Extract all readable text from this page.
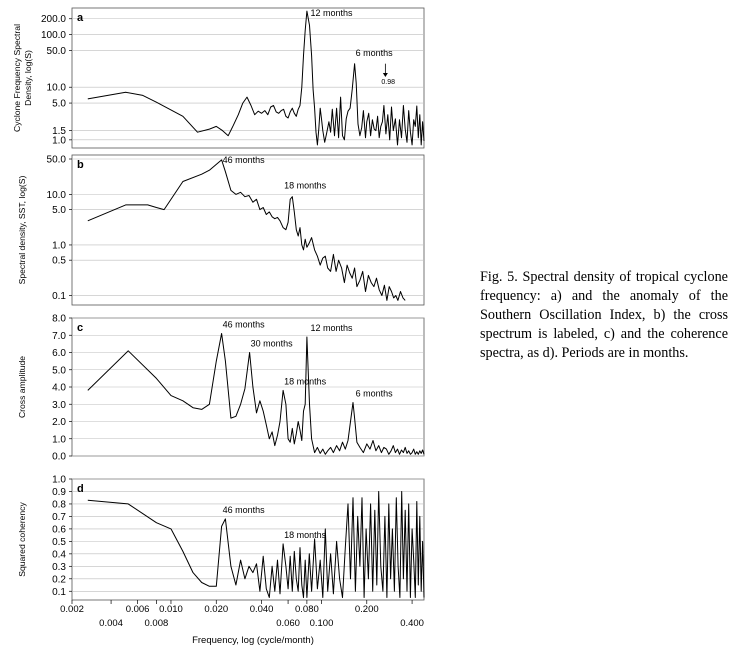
1.0
1.5
5.0
10.0
50.0
100.0
200.0
Cyclone Frequency SpectralDensity, log(S)
a	12 months
6 months
0.98
0.1
0.5
1.0
5.0
10.0
50.0
Spectral density, SST, log(S)
b	46 months
18 months
0.0
1.0
2.0
3.0
4.0
5.0
6.0
7.0
8.0
Cross amplitude
c	46 months
30 months
12 months
18 months
6 months
0.1
0.2
0.3
0.4
0.5
0.6
0.7
0.8
0.9
1.0
Squared coherency
d
46 months
18 months
0.002	0.006 0.010 0.020 0.040 0.080	0.200
0.004 0.008	0.060 0.100	0.400
Frequency, log (cycle/month)
Fig. 5. Spectral density of tropical cyclone frequency: a) and the anomaly of the Southern Oscillation Index, b) the cross spectrum is labeled, c) and the coherence spectra, as d). Periods are in months.
